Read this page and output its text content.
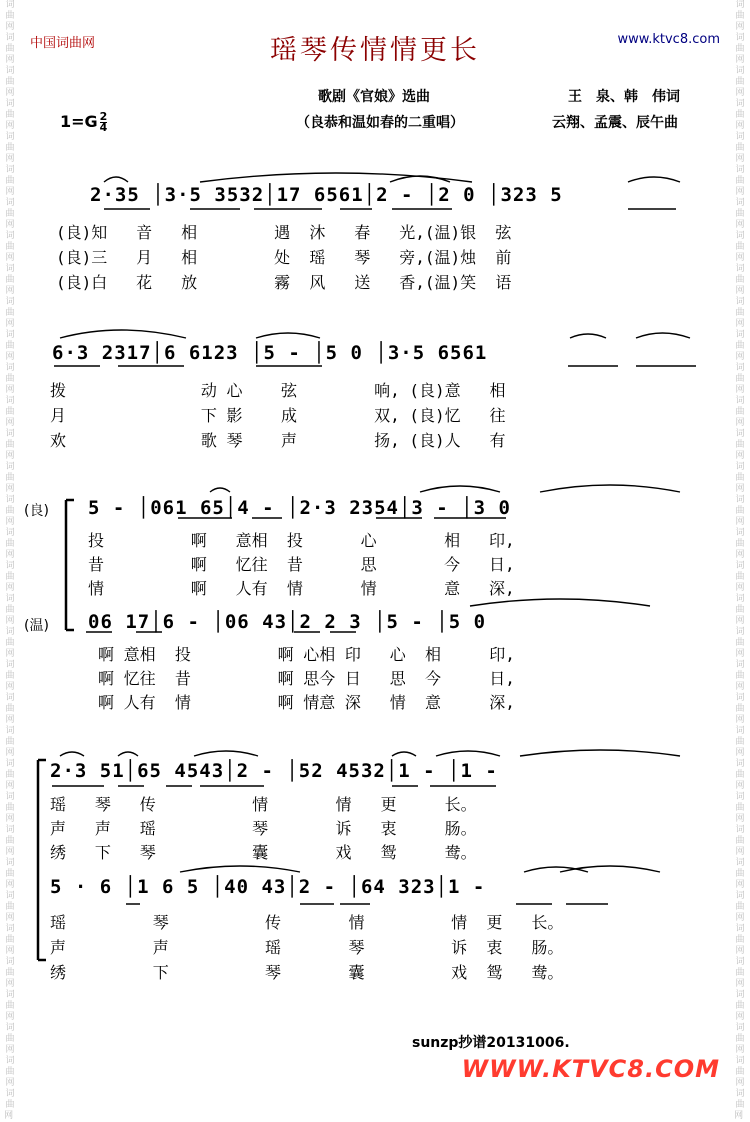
词曲网 词曲网 词曲网 词曲网 词曲网 词曲网 词曲网 词曲网 词曲网 词曲网 词曲网 词曲网 词曲网 词曲网 词曲网 词曲网 词曲网 词曲网 词曲网 词曲网 词曲网 词曲网 词曲网 词曲网 词曲网 词曲网 词曲网 词曲网 词曲网 词曲网 词曲网 词曲网 词曲网 词曲网
词曲网 词曲网 词曲网 词曲网 词曲网 词曲网 词曲网 词曲网 词曲网 词曲网 词曲网 词曲网 词曲网 词曲网 词曲网 词曲网 词曲网 词曲网 词曲网 词曲网 词曲网 词曲网 词曲网 词曲网 词曲网 词曲网 词曲网 词曲网 词曲网 词曲网 词曲网 词曲网 词曲网 词曲网
中国词曲网	www.ktvc8.com
瑶琴传情情更长
歌剧《官娘》选曲	王　泉、韩　伟词
（良恭和温如春的二重唱）	云翔、孟震、辰午曲
$1=G \frac{2}{4}$
2·35 │3·5 3532│17 6561│2 - │2 0 │323 5
(良)知   音   相        遇  沐   春   光,(温)银  弦
(良)三   月   相        处  瑶   琴   旁,(温)烛  前
(良)白   花   放        霧  风   送   香,(温)笑  语
6·3 2317│6 6123 │5 - │5 0 │3·5 6561
拨              动 心    弦        响, (良)意   相
月              下 影    成        双, (良)忆   往
欢              歌 琴    声        扬, (良)人   有
(良) 5 - │061 65│4 - │2·3 2354│3 - │3 0
投         啊   意相  投      心       相   印,
昔         啊   忆往  昔      思       今   日,
情         啊   人有  情      情       意   深,
(温) 06 17│6 - │06 43│2 2 3 │5 - │5 0
啊 意相  投         啊 心相 印   心  相     印,
啊 忆往  昔         啊 思今 日   思  今     日,
啊 人有  情         啊 情意 深   情  意     深,
2·3 51│65 4543│2 - │52 4532│1 - │1 -
瑶   琴   传          情       情   更     长。
声   声   瑶          琴       诉   衷     肠。
绣   下   琴          囊       戏   鸳     鸯。
5 · 6 │1 6 5 │40 43│2 - │64 323│1 -
瑶         琴          传       情         情  更   长。
声         声          瑶       琴         诉  衷   肠。
绣         下          琴       囊         戏  鸳   鸯。
sunzp抄谱20131006.
WWW.KTVC8.COM
